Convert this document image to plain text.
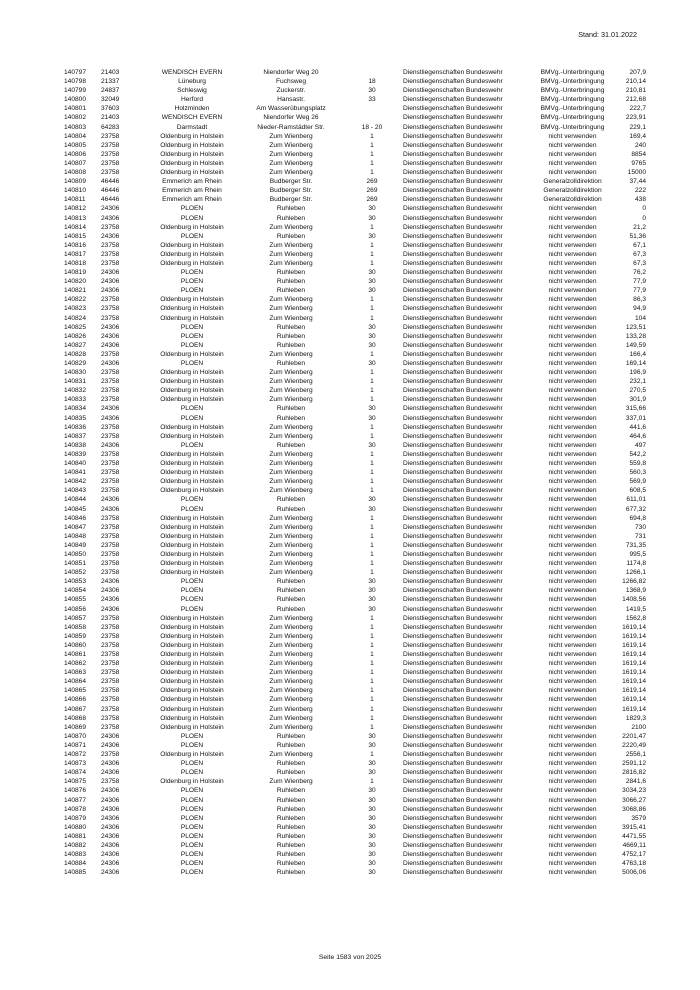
Stand: 31.01.2022
140797	21403	WENDISCH EVERN	Niendorfer Weg 20		Dienstliegenschaften Bundeswehr	BMVg.-Unterbringung	207,9
140798	21337	Lüneburg	Fuchsweg	18	Dienstliegenschaften Bundeswehr	BMVg.-Unterbringung	210,14
140799	24837	Schleswig	Zuckerstr.	30	Dienstliegenschaften Bundeswehr	BMVg.-Unterbringung	210,81
140800	32049	Herford	Hansastr.	33	Dienstliegenschaften Bundeswehr	BMVg.-Unterbringung	212,68
140801	37603	Holzminden	Am Wasserübungsplatz		Dienstliegenschaften Bundeswehr	BMVg.-Unterbringung	222,7
140802	21403	WENDISCH EVERN	Niendorfer Weg 26		Dienstliegenschaften Bundeswehr	BMVg.-Unterbringung	223,91
140803	64283	Darmstadt	Nieder-Ramstädter Str.	18 - 20	Dienstliegenschaften Bundeswehr	BMVg.-Unterbringung	229,1
140804	23758	Oldenburg in Holstein	Zum Wienberg	1	Dienstliegenschaften Bundeswehr	nicht verwenden	169,4
140805	23758	Oldenburg in Holstein	Zum Wienberg	1	Dienstliegenschaften Bundeswehr	nicht verwenden	240
140806	23758	Oldenburg in Holstein	Zum Wienberg	1	Dienstliegenschaften Bundeswehr	nicht verwenden	8854
140807	23758	Oldenburg in Holstein	Zum Wienberg	1	Dienstliegenschaften Bundeswehr	nicht verwenden	9765
140808	23758	Oldenburg in Holstein	Zum Wienberg	1	Dienstliegenschaften Bundeswehr	nicht verwenden	15000
140809	46446	Emmerich am Rhein	Budberger Str.	269	Dienstliegenschaften Bundeswehr	Generalzolldirektion	37,44
140810	46446	Emmerich am Rhein	Budberger Str.	269	Dienstliegenschaften Bundeswehr	Generalzolldirektion	222
140811	46446	Emmerich am Rhein	Budberger Str.	269	Dienstliegenschaften Bundeswehr	Generalzolldirektion	438
140812	24306	PLOEN	Ruhleben	30	Dienstliegenschaften Bundeswehr	nicht verwenden	0
140813	24306	PLOEN	Ruhleben	30	Dienstliegenschaften Bundeswehr	nicht verwenden	0
140814	23758	Oldenburg in Holstein	Zum Wienberg	1	Dienstliegenschaften Bundeswehr	nicht verwenden	21,2
140815	24306	PLOEN	Ruhleben	30	Dienstliegenschaften Bundeswehr	nicht verwenden	51,36
140816	23758	Oldenburg in Holstein	Zum Wienberg	1	Dienstliegenschaften Bundeswehr	nicht verwenden	67,1
140817	23758	Oldenburg in Holstein	Zum Wienberg	1	Dienstliegenschaften Bundeswehr	nicht verwenden	67,3
140818	23758	Oldenburg in Holstein	Zum Wienberg	1	Dienstliegenschaften Bundeswehr	nicht verwenden	67,3
140819	24306	PLOEN	Ruhleben	30	Dienstliegenschaften Bundeswehr	nicht verwenden	76,2
140820	24306	PLOEN	Ruhleben	30	Dienstliegenschaften Bundeswehr	nicht verwenden	77,9
140821	24306	PLOEN	Ruhleben	30	Dienstliegenschaften Bundeswehr	nicht verwenden	77,9
140822	23758	Oldenburg in Holstein	Zum Wienberg	1	Dienstliegenschaften Bundeswehr	nicht verwenden	86,3
140823	23758	Oldenburg in Holstein	Zum Wienberg	1	Dienstliegenschaften Bundeswehr	nicht verwenden	94,9
140824	23758	Oldenburg in Holstein	Zum Wienberg	1	Dienstliegenschaften Bundeswehr	nicht verwenden	104
140825	24306	PLOEN	Ruhleben	30	Dienstliegenschaften Bundeswehr	nicht verwenden	123,51
140826	24306	PLOEN	Ruhleben	30	Dienstliegenschaften Bundeswehr	nicht verwenden	133,28
140827	24306	PLOEN	Ruhleben	30	Dienstliegenschaften Bundeswehr	nicht verwenden	149,59
140828	23758	Oldenburg in Holstein	Zum Wienberg	1	Dienstliegenschaften Bundeswehr	nicht verwenden	166,4
140829	24306	PLOEN	Ruhleben	30	Dienstliegenschaften Bundeswehr	nicht verwenden	169,14
140830	23758	Oldenburg in Holstein	Zum Wienberg	1	Dienstliegenschaften Bundeswehr	nicht verwenden	196,9
140831	23758	Oldenburg in Holstein	Zum Wienberg	1	Dienstliegenschaften Bundeswehr	nicht verwenden	232,1
140832	23758	Oldenburg in Holstein	Zum Wienberg	1	Dienstliegenschaften Bundeswehr	nicht verwenden	270,5
140833	23758	Oldenburg in Holstein	Zum Wienberg	1	Dienstliegenschaften Bundeswehr	nicht verwenden	301,9
140834	24306	PLOEN	Ruhleben	30	Dienstliegenschaften Bundeswehr	nicht verwenden	315,66
140835	24306	PLOEN	Ruhleben	30	Dienstliegenschaften Bundeswehr	nicht verwenden	337,01
140836	23758	Oldenburg in Holstein	Zum Wienberg	1	Dienstliegenschaften Bundeswehr	nicht verwenden	441,6
140837	23758	Oldenburg in Holstein	Zum Wienberg	1	Dienstliegenschaften Bundeswehr	nicht verwenden	464,6
140838	24306	PLOEN	Ruhleben	30	Dienstliegenschaften Bundeswehr	nicht verwenden	497
140839	23758	Oldenburg in Holstein	Zum Wienberg	1	Dienstliegenschaften Bundeswehr	nicht verwenden	542,2
140840	23758	Oldenburg in Holstein	Zum Wienberg	1	Dienstliegenschaften Bundeswehr	nicht verwenden	559,8
140841	23758	Oldenburg in Holstein	Zum Wienberg	1	Dienstliegenschaften Bundeswehr	nicht verwenden	560,3
140842	23758	Oldenburg in Holstein	Zum Wienberg	1	Dienstliegenschaften Bundeswehr	nicht verwenden	569,9
140843	23758	Oldenburg in Holstein	Zum Wienberg	1	Dienstliegenschaften Bundeswehr	nicht verwenden	608,5
140844	24306	PLOEN	Ruhleben	30	Dienstliegenschaften Bundeswehr	nicht verwenden	611,01
140845	24306	PLOEN	Ruhleben	30	Dienstliegenschaften Bundeswehr	nicht verwenden	677,32
140846	23758	Oldenburg in Holstein	Zum Wienberg	1	Dienstliegenschaften Bundeswehr	nicht verwenden	694,8
140847	23758	Oldenburg in Holstein	Zum Wienberg	1	Dienstliegenschaften Bundeswehr	nicht verwenden	730
140848	23758	Oldenburg in Holstein	Zum Wienberg	1	Dienstliegenschaften Bundeswehr	nicht verwenden	731
140849	23758	Oldenburg in Holstein	Zum Wienberg	1	Dienstliegenschaften Bundeswehr	nicht verwenden	731,35
140850	23758	Oldenburg in Holstein	Zum Wienberg	1	Dienstliegenschaften Bundeswehr	nicht verwenden	995,5
140851	23758	Oldenburg in Holstein	Zum Wienberg	1	Dienstliegenschaften Bundeswehr	nicht verwenden	1174,8
140852	23758	Oldenburg in Holstein	Zum Wienberg	1	Dienstliegenschaften Bundeswehr	nicht verwenden	1266,1
140853	24306	PLOEN	Ruhleben	30	Dienstliegenschaften Bundeswehr	nicht verwenden	1266,82
140854	24306	PLOEN	Ruhleben	30	Dienstliegenschaften Bundeswehr	nicht verwenden	1368,9
140855	24306	PLOEN	Ruhleben	30	Dienstliegenschaften Bundeswehr	nicht verwenden	1408,56
140856	24306	PLOEN	Ruhleben	30	Dienstliegenschaften Bundeswehr	nicht verwenden	1419,5
140857	23758	Oldenburg in Holstein	Zum Wienberg	1	Dienstliegenschaften Bundeswehr	nicht verwenden	1562,8
140858	23758	Oldenburg in Holstein	Zum Wienberg	1	Dienstliegenschaften Bundeswehr	nicht verwenden	1619,14
140859	23758	Oldenburg in Holstein	Zum Wienberg	1	Dienstliegenschaften Bundeswehr	nicht verwenden	1619,14
140860	23758	Oldenburg in Holstein	Zum Wienberg	1	Dienstliegenschaften Bundeswehr	nicht verwenden	1619,14
140861	23758	Oldenburg in Holstein	Zum Wienberg	1	Dienstliegenschaften Bundeswehr	nicht verwenden	1619,14
140862	23758	Oldenburg in Holstein	Zum Wienberg	1	Dienstliegenschaften Bundeswehr	nicht verwenden	1619,14
140863	23758	Oldenburg in Holstein	Zum Wienberg	1	Dienstliegenschaften Bundeswehr	nicht verwenden	1619,14
140864	23758	Oldenburg in Holstein	Zum Wienberg	1	Dienstliegenschaften Bundeswehr	nicht verwenden	1619,14
140865	23758	Oldenburg in Holstein	Zum Wienberg	1	Dienstliegenschaften Bundeswehr	nicht verwenden	1619,14
140866	23758	Oldenburg in Holstein	Zum Wienberg	1	Dienstliegenschaften Bundeswehr	nicht verwenden	1619,14
140867	23758	Oldenburg in Holstein	Zum Wienberg	1	Dienstliegenschaften Bundeswehr	nicht verwenden	1619,14
140868	23758	Oldenburg in Holstein	Zum Wienberg	1	Dienstliegenschaften Bundeswehr	nicht verwenden	1829,3
140869	23758	Oldenburg in Holstein	Zum Wienberg	1	Dienstliegenschaften Bundeswehr	nicht verwenden	2100
140870	24306	PLOEN	Ruhleben	30	Dienstliegenschaften Bundeswehr	nicht verwenden	2201,47
140871	24306	PLOEN	Ruhleben	30	Dienstliegenschaften Bundeswehr	nicht verwenden	2220,49
140872	23758	Oldenburg in Holstein	Zum Wienberg	1	Dienstliegenschaften Bundeswehr	nicht verwenden	2556,1
140873	24306	PLOEN	Ruhleben	30	Dienstliegenschaften Bundeswehr	nicht verwenden	2591,12
140874	24306	PLOEN	Ruhleben	30	Dienstliegenschaften Bundeswehr	nicht verwenden	2816,82
140875	23758	Oldenburg in Holstein	Zum Wienberg	1	Dienstliegenschaften Bundeswehr	nicht verwenden	2841,6
140876	24306	PLOEN	Ruhleben	30	Dienstliegenschaften Bundeswehr	nicht verwenden	3034,23
140877	24306	PLOEN	Ruhleben	30	Dienstliegenschaften Bundeswehr	nicht verwenden	3066,27
140878	24306	PLOEN	Ruhleben	30	Dienstliegenschaften Bundeswehr	nicht verwenden	3068,86
140879	24306	PLOEN	Ruhleben	30	Dienstliegenschaften Bundeswehr	nicht verwenden	3579
140880	24306	PLOEN	Ruhleben	30	Dienstliegenschaften Bundeswehr	nicht verwenden	3915,41
140881	24306	PLOEN	Ruhleben	30	Dienstliegenschaften Bundeswehr	nicht verwenden	4471,55
140882	24306	PLOEN	Ruhleben	30	Dienstliegenschaften Bundeswehr	nicht verwenden	4669,11
140883	24306	PLOEN	Ruhleben	30	Dienstliegenschaften Bundeswehr	nicht verwenden	4752,17
140884	24306	PLOEN	Ruhleben	30	Dienstliegenschaften Bundeswehr	nicht verwenden	4763,18
140885	24306	PLOEN	Ruhleben	30	Dienstliegenschaften Bundeswehr	nicht verwenden	5006,06
Seite 1583 von 2025
